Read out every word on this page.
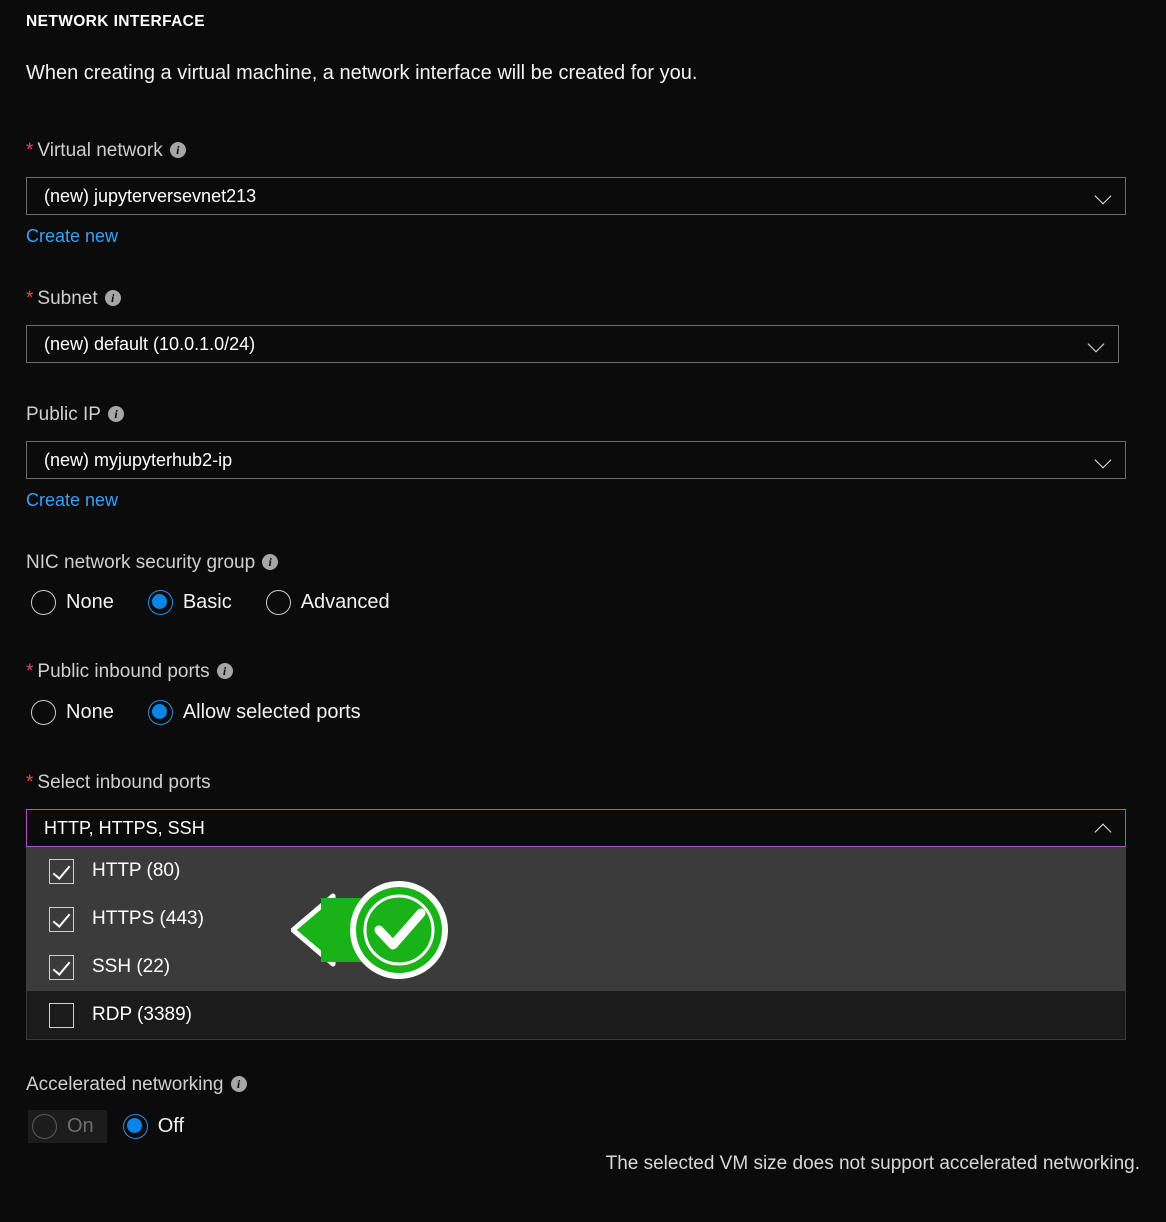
NETWORK INTERFACE
When creating a virtual machine, a network interface will be created for you.
* Virtual network i
(new) jupyterversevnet213
Create new
* Subnet i
(new) default (10.0.1.0/24)
Public IP i
(new) myjupyterhub2-ip
Create new
NIC network security group i
None	Basic	Advanced
* Public inbound ports i
None	Allow selected ports
* Select inbound ports
HTTP, HTTPS, SSH
HTTP (80)
HTTPS (443)
SSH (22)
RDP (3389)
Accelerated networking i
On	Off
The selected VM size does not support accelerated networking.
